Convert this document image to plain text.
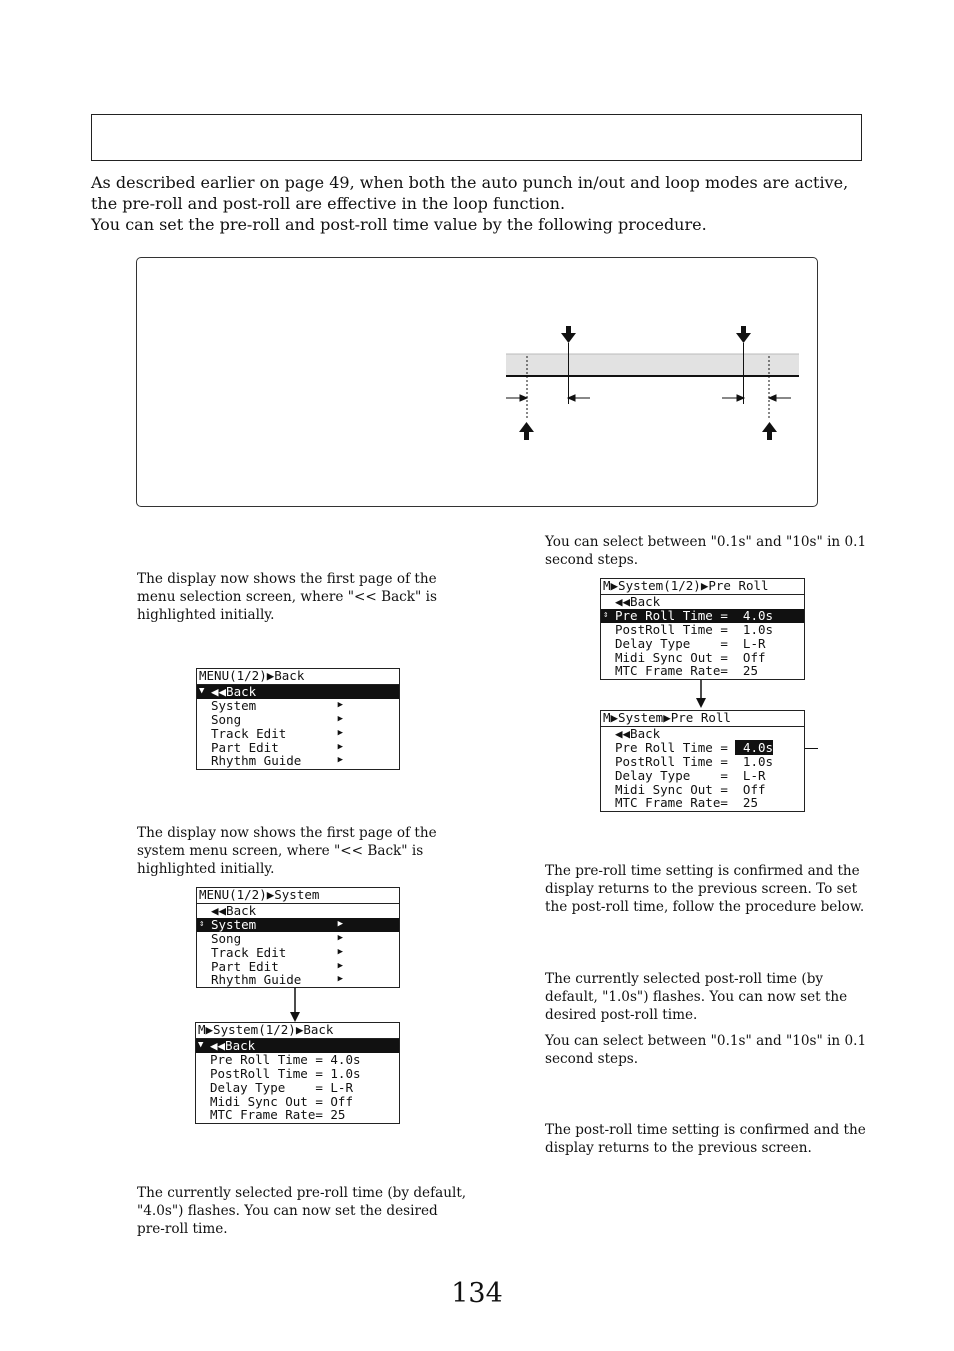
As described earlier on page 49, when both the auto punch in/out and loop modes are active,

the pre-roll and post-roll are effective in the loop function.

You can set the pre-roll and post-roll time value by the following procedure.

The display now shows the first page of the

menu selection screen, where "<< Back" is

highlighted initially.

MENU(1/2)▶Back
▼ ◀◀Back
System	▶
Song	▶
Track Edit	▶
Part Edit	▶
Rhythm Guide	▶

The display now shows the first page of the

system menu screen, where "<< Back" is

highlighted initially.

MENU(1/2)▶System
◀◀Back
⇕ System	▶
Song	▶
Track Edit	▶
Part Edit	▶
Rhythm Guide	▶
M▶System(1/2)▶Back
▼ ◀◀Back
Pre Roll Time = 4.0s
PostRoll Time = 1.0s
Delay Type    = L-R
Midi Sync Out = Off
MTC Frame Rate= 25

The currently selected pre-roll time (by default,

"4.0s") flashes. You can now set the desired

pre-roll time.

You can select between "0.1s" and "10s" in 0.1

second steps.

M▶System(1/2)▶Pre Roll
◀◀Back
⇕ Pre Roll Time =  4.0s
PostRoll Time =  1.0s
Delay Type    =  L-R
Midi Sync Out =  Off
MTC Frame Rate=  25
M▶System▶Pre Roll
◀◀Back
Pre Roll Time =  4.0s
PostRoll Time =  1.0s
Delay Type    =  L-R
Midi Sync Out =  Off
MTC Frame Rate=  25

The pre-roll time setting is confirmed and the

display returns to the previous screen. To set

the post-roll time, follow the procedure below.

The currently selected post-roll time (by

default, "1.0s") flashes. You can now set the

desired post-roll time.

You can select between "0.1s" and "10s" in 0.1

second steps.

The post-roll time setting is confirmed and the

display returns to the previous screen.

134
